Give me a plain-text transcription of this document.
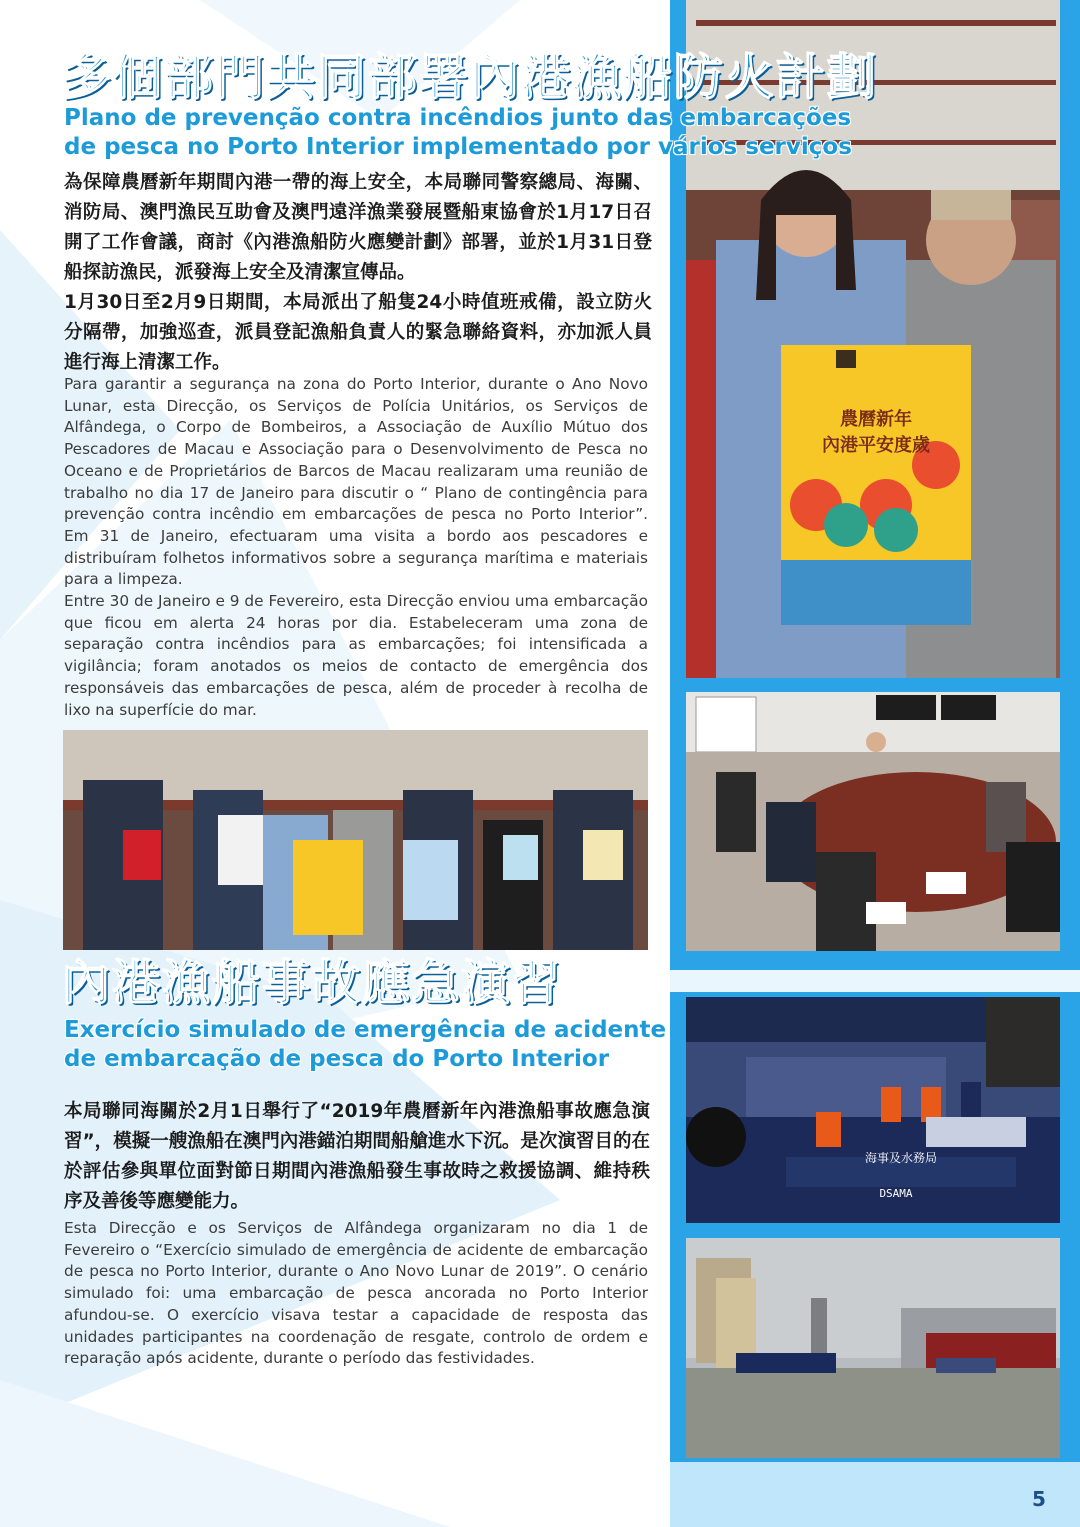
農曆新年
內港平安度歲
海事及水務局
DSAMA
多個部門共同部署內港漁船防火計劃
Plano de prevenção contra incêndios junto das embarcações
de pesca no Porto Interior implementado por vários serviços

為保障農曆新年期間內港一帶的海上安全，本局聯同警察總局、海關、消防局、澳門漁民互助會及澳門遠洋漁業發展暨船東協會於1月17日召開了工作會議，商討《內港漁船防火應變計劃》部署，並於1月31日登船探訪漁民，派發海上安全及清潔宣傳品。

1月30日至2月9日期間，本局派出了船隻24小時值班戒備，設立防火分隔帶，加強巡查，派員登記漁船負責人的緊急聯絡資料，亦加派人員進行海上清潔工作。

Para garantir a segurança na zona do Porto Interior, durante o Ano Novo Lunar, esta Direcção, os Serviços de Polícia Unitários, os Serviços de Alfândega, o Corpo de Bombeiros, a Associação de Auxílio Mútuo dos Pescadores de Macau e Associação para o Desenvolvimento de Pesca no Oceano e de Proprietários de Barcos de Macau realizaram uma reunião de trabalho no dia 17 de Janeiro para discutir o “ Plano de contingência para prevenção contra incêndio em embarcações de pesca no Porto Interior”. Em 31 de Janeiro, efectuaram uma visita a bordo aos pescadores e distribuíram folhetos informativos sobre a segurança marítima e materiais para a limpeza.

Entre 30 de Janeiro e 9 de Fevereiro, esta Direcção enviou uma embarcação que ficou em alerta 24 horas por dia. Estabeleceram uma zona de separação contra incêndios para as embarcações; foi intensificada a vigilância; foram anotados os meios de contacto de emergência dos responsáveis das embarcações de pesca, além de proceder à recolha de lixo na superfície do mar.

內港漁船事故應急演習
Exercício simulado de emergência de acidente
de embarcação de pesca do Porto Interior

本局聯同海關於2月1日舉行了“2019年農曆新年內港漁船事故應急演習”，模擬一艘漁船在澳門內港錨泊期間船艙進水下沉。是次演習目的在於評估參與單位面對節日期間內港漁船發生事故時之救援協調、維持秩序及善後等應變能力。

Esta Direcção e os Serviços de Alfândega organizaram no dia 1 de Fevereiro o “Exercício simulado de emergência de acidente de embarcação de pesca no Porto Interior, durante o Ano Novo Lunar de 2019”. O cenário simulado foi: uma embarcação de pesca ancorada no Porto Interior afundou-se. O exercício visava testar a capacidade de resposta das unidades participantes na coordenação de resgate, controlo de ordem e reparação após acidente, durante o período das festividades.

5
